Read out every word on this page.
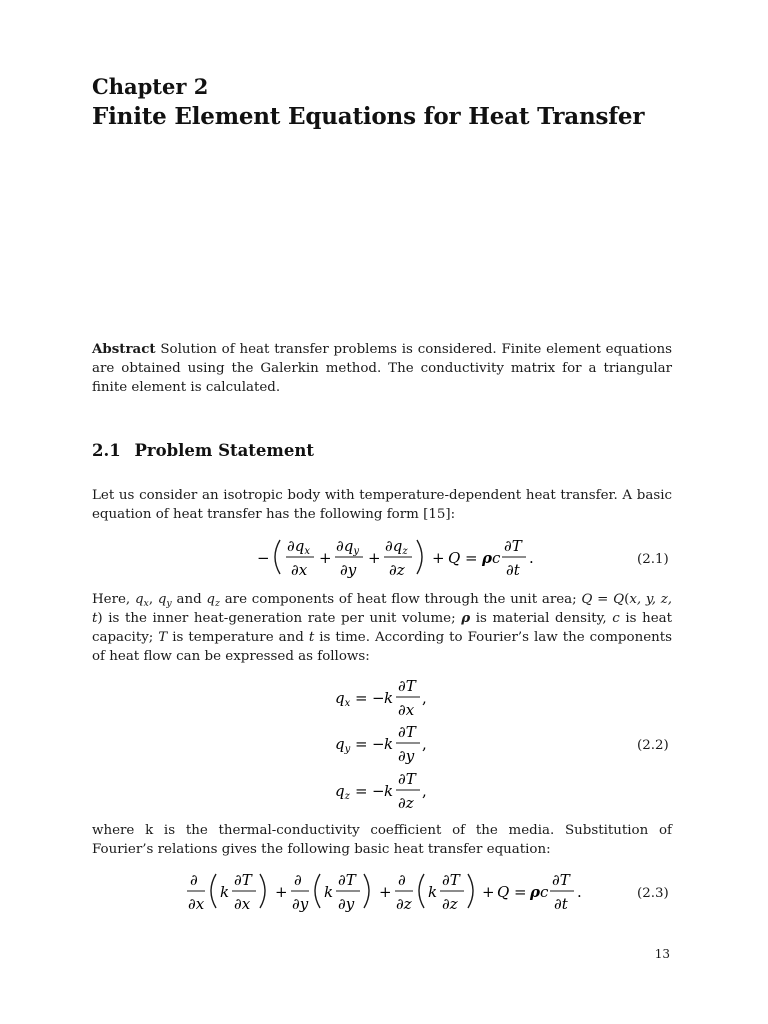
Chapter 2
Finite Element Equations for Heat Transfer
Abstract Solution of heat transfer problems is considered. Finite element equations are obtained using the Galerkin method. The conductivity matrix for a triangular finite element is calculated.
2.1 Problem Statement
Let us consider an isotropic body with temperature-dependent heat transfer. A basic equation of heat transfer has the following form [15]:
−
$\partial q_x$
∂x
+
$\partial q_y$
∂y
+
$\partial q_z$
∂z
+ Q = ρ c
∂T
∂t
.	(2.1)
Here, $q_x$, $q_y$ and $q_z$ are components of heat flow through the unit area; Q = Q(x, y, z, t) is the inner heat-generation rate per unit volume; ρ is material density, c is heat capacity; T is temperature and t is time. According to Fourier’s law the components of heat flow can be expressed as follows:
$q_x$ = − k
∂T
∂x
,
$q_y$ = − k
∂T
∂y
,
$q_z$ = − k
∂T
∂z
,
(2.2)
where k is the thermal-conductivity coefficient of the media. Substitution of Fourier’s relations gives the following basic heat transfer equation:
∂
∂x
k
∂T
∂x
+
∂
∂y
k
∂T
∂y
+
∂
∂z
k
∂T
∂z
+ Q = ρ c
∂T
∂t
.	(2.3)
13
